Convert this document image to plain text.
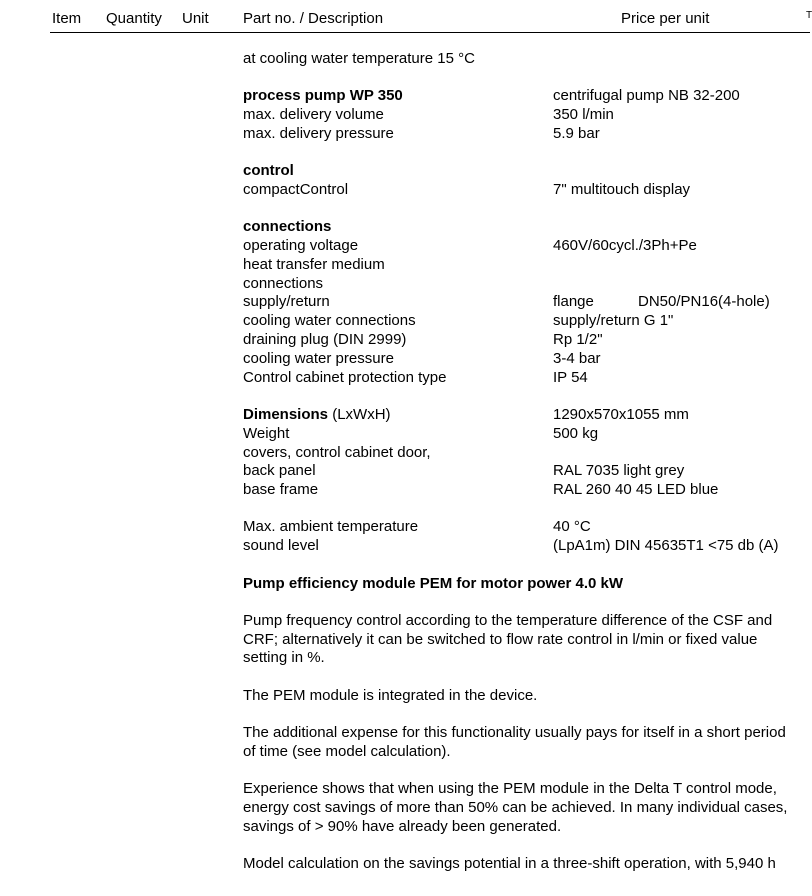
Item Quantity Unit Part no. / Description	Price per unit	T
at cooling water temperature 15 °C
process pump WP 350	centrifugal pump NB 32-200
max. delivery volume	350 l/min
max. delivery pressure	5.9 bar
control
compactControl	7" multitouch display
connections
operating voltage	460V/60cycl./3Ph+Pe
heat transfer medium
connections
supply/return	flange	DN50/PN16(4-hole)
cooling water connections	supply/return G 1"
draining plug (DIN 2999)	Rp 1/2"
cooling water pressure	3-4 bar
Control cabinet protection type	IP 54
Dimensions (LxWxH)	1290x570x1055 mm
Weight	500 kg
covers, control cabinet door,
back panel	RAL 7035 light grey
base frame	RAL 260 40 45 LED blue
Max. ambient temperature	40 °C
sound level	(LpA1m) DIN 45635T1 <75 db (A)
Pump efficiency module PEM for motor power 4.0 kW

Pump frequency control according to the temperature difference of the CSF and
CRF; alternatively it can be switched to flow rate control in l/min or fixed value
setting in %.

The PEM module is integrated in the device.

The additional expense for this functionality usually pays for itself in a short period
of time (see model calculation).

Experience shows that when using the PEM module in the Delta T control mode,
energy cost savings of more than 50% can be achieved. In many individual cases,
savings of > 90% have already been generated.

Model calculation on the savings potential in a three-shift operation, with 5,940 h
